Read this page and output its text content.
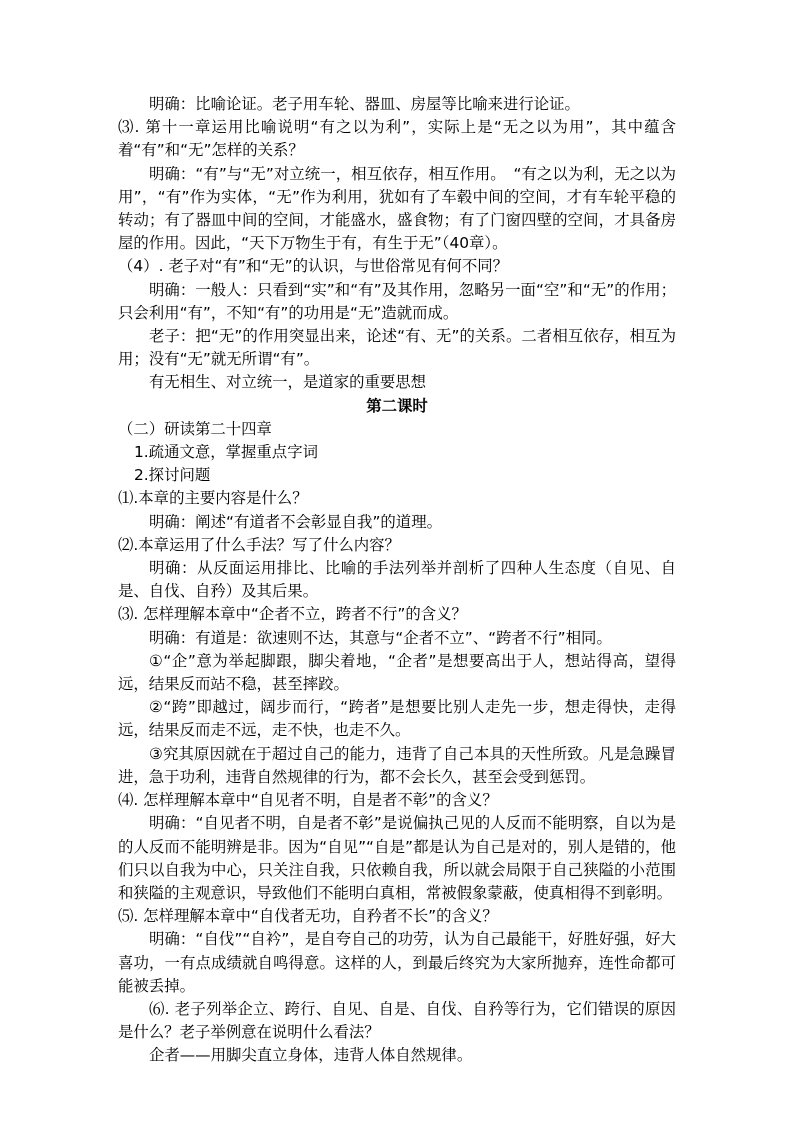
明确：比喻论证。老子用车轮、器皿、房屋等比喻来进行论证。

⑶. 第十一章运用比喻说明“有之以为利”，实际上是“无之以为用”，其中蕴含着“有”和“无”怎样的关系？

明确：“有”与“无”对立统一，相互依存，相互作用。　“有之以为利，无之以为用”，“有”作为实体，“无”作为利用，犹如有了车毂中间的空间，才有车轮平稳的转动；有了器皿中间的空间，才能盛水，盛食物；有了门窗四壁的空间，才具备房屋的作用。因此，“天下万物生于有，有生于无”（40章）。

（4）. 老子对“有”和“无”的认识，与世俗常见有何不同？

明确：一般人：只看到“实”和“有”及其作用，忽略另一面“空”和“无”的作用；只会利用“有”，不知“有”的功用是“无”造就而成。

老子：把“无”的作用突显出来，论述“有、无”的关系。二者相互依存，相互为用；没有“无”就无所谓“有”。

有无相生、对立统一，是道家的重要思想

第二课时

（二）研读第二十四章

1.疏通文意，掌握重点字词

2.探讨问题

⑴.本章的主要内容是什么？

明确：阐述“有道者不会彰显自我”的道理。

⑵.本章运用了什么手法？写了什么内容？

明确：从反面运用排比、比喻的手法列举并剖析了四种人生态度（自见、自是、自伐、自矜）及其后果。

⑶. 怎样理解本章中“企者不立，跨者不行”的含义？

明确：有道是：欲速则不达，其意与“企者不立”、“跨者不行”相同。

①“企”意为举起脚跟，脚尖着地，“企者”是想要高出于人，想站得高，望得远，结果反而站不稳，甚至摔跤。

②“跨”即越过，阔步而行，“跨者”是想要比别人走先一步，想走得快，走得远，结果反而走不远，走不快，也走不久。

③究其原因就在于超过自己的能力，违背了自己本具的天性所致。凡是急躁冒进，急于功利，违背自然规律的行为，都不会长久，甚至会受到惩罚。

⑷. 怎样理解本章中“自见者不明，自是者不彰”的含义？

明确：“自见者不明，自是者不彰”是说偏执己见的人反而不能明察，自以为是的人反而不能明辨是非。因为“自见”“自是”都是认为自己是对的，别人是错的，他们只以自我为中心，只关注自我，只依赖自我，所以就会局限于自己狭隘的小范围和狭隘的主观意识，导致他们不能明白真相，常被假象蒙蔽，使真相得不到彰明。

⑸. 怎样理解本章中“自伐者无功，自矜者不长”的含义？

明确：“自伐”“自衿”，是自夸自己的功劳，认为自己最能干，好胜好强，好大喜功，一有点成绩就自鸣得意。这样的人，到最后终究为大家所抛弃，连性命都可能被丢掉。

⑹. 老子列举企立、跨行、自见、自是、自伐、自矜等行为，它们错误的原因是什么？老子举例意在说明什么看法？

企者——用脚尖直立身体，违背人体自然规律。
